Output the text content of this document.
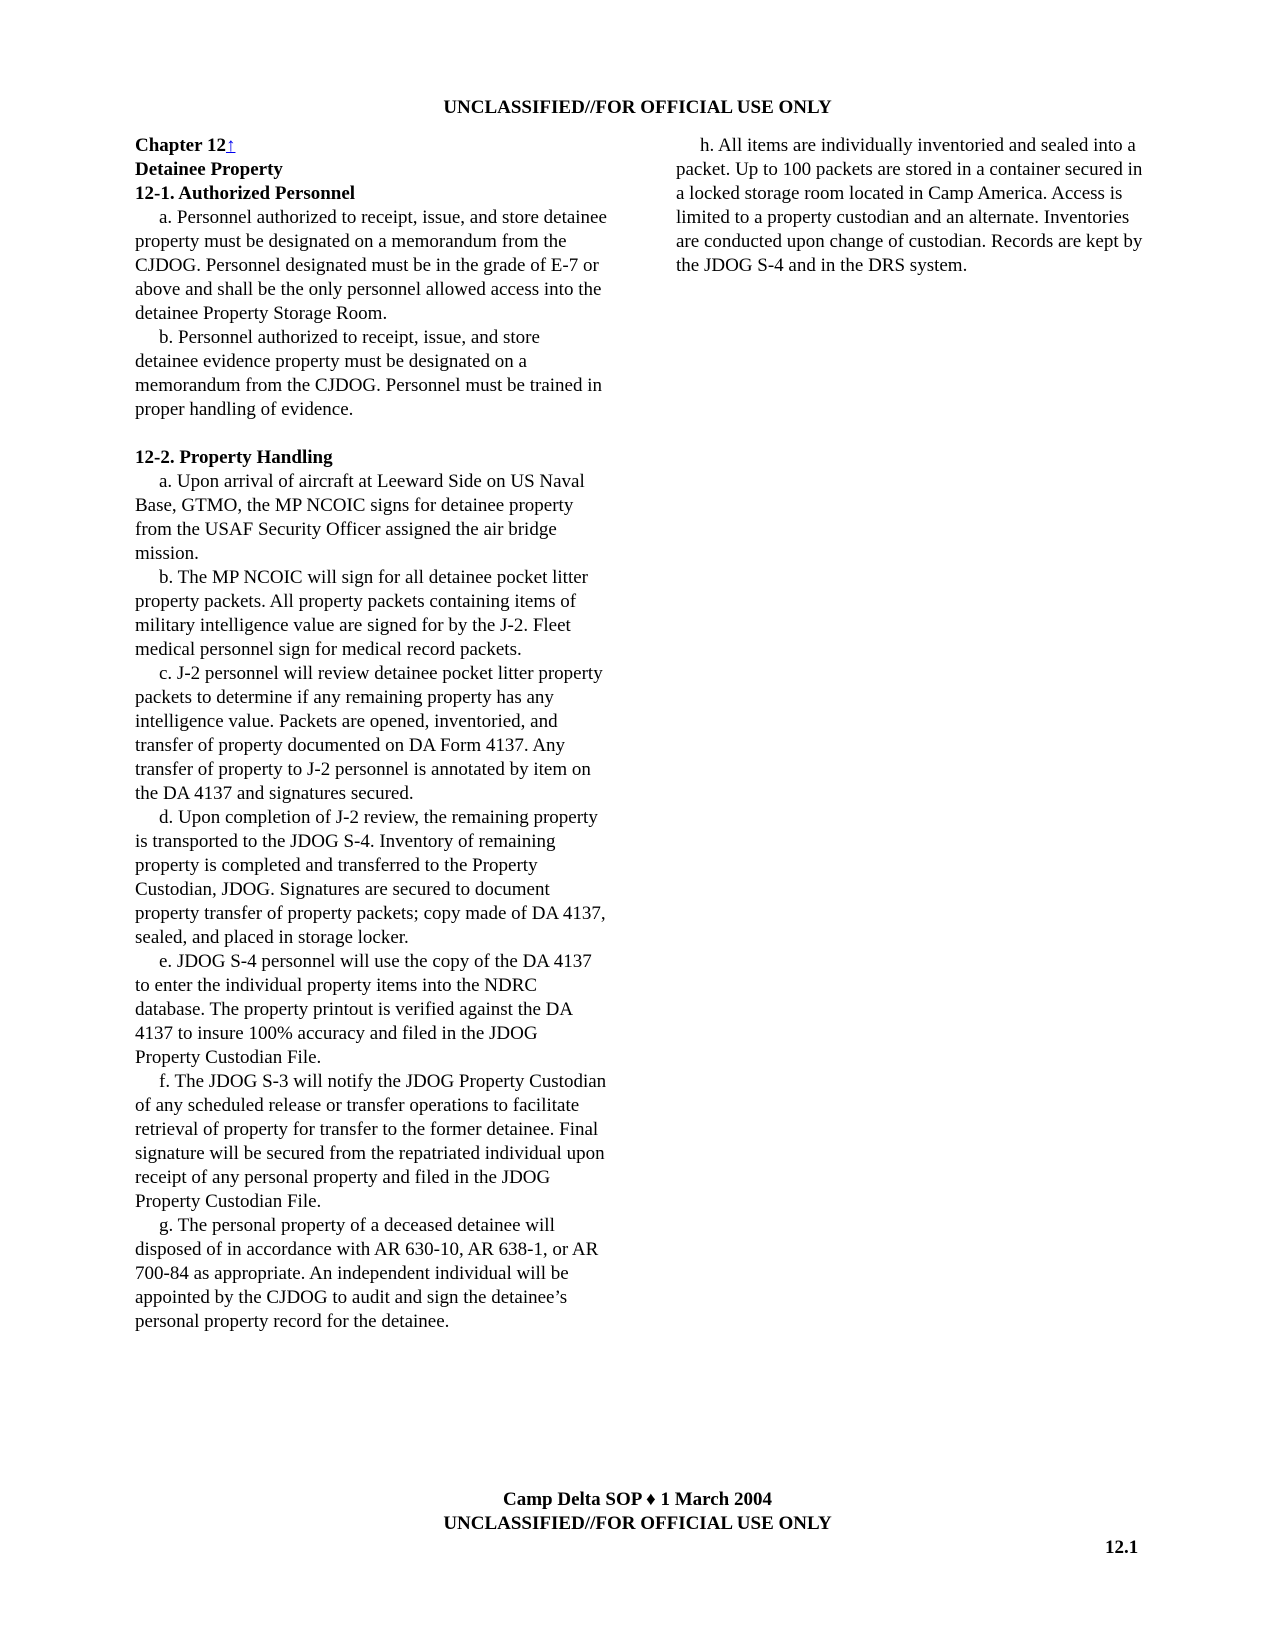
UNCLASSIFIED//FOR OFFICIAL USE ONLY
Chapter 12↑
Detainee Property
12-1. Authorized Personnel
a. Personnel authorized to receipt, issue, and store detainee property must be designated on a memorandum from the CJDOG. Personnel designated must be in the grade of E-7 or above and shall be the only personnel allowed access into the detainee Property Storage Room.
b. Personnel authorized to receipt, issue, and store detainee evidence property must be designated on a memorandum from the CJDOG. Personnel must be trained in proper handling of evidence.
12-2. Property Handling
a. Upon arrival of aircraft at Leeward Side on US Naval Base, GTMO, the MP NCOIC signs for detainee property from the USAF Security Officer assigned the air bridge mission.
b. The MP NCOIC will sign for all detainee pocket litter property packets. All property packets containing items of military intelligence value are signed for by the J-2. Fleet medical personnel sign for medical record packets.
c. J-2 personnel will review detainee pocket litter property packets to determine if any remaining property has any intelligence value. Packets are opened, inventoried, and transfer of property documented on DA Form 4137. Any transfer of property to J-2 personnel is annotated by item on the DA 4137 and signatures secured.
d. Upon completion of J-2 review, the remaining property is transported to the JDOG S-4. Inventory of remaining property is completed and transferred to the Property Custodian, JDOG. Signatures are secured to document property transfer of property packets; copy made of DA 4137, sealed, and placed in storage locker.
e. JDOG S-4 personnel will use the copy of the DA 4137 to enter the individual property items into the NDRC database. The property printout is verified against the DA 4137 to insure 100% accuracy and filed in the JDOG Property Custodian File.
f. The JDOG S-3 will notify the JDOG Property Custodian of any scheduled release or transfer operations to facilitate retrieval of property for transfer to the former detainee. Final signature will be secured from the repatriated individual upon receipt of any personal property and filed in the JDOG Property Custodian File.
g. The personal property of a deceased detainee will disposed of in accordance with AR 630-10, AR 638-1, or AR 700-84 as appropriate. An independent individual will be appointed by the CJDOG to audit and sign the detainee’s personal property record for the detainee.
h. All items are individually inventoried and sealed into a packet. Up to 100 packets are stored in a container secured in a locked storage room located in Camp America. Access is limited to a property custodian and an alternate. Inventories are conducted upon change of custodian. Records are kept by the JDOG S-4 and in the DRS system.
Camp Delta SOP ♦ 1 March 2004
UNCLASSIFIED//FOR OFFICIAL USE ONLY
12.1
